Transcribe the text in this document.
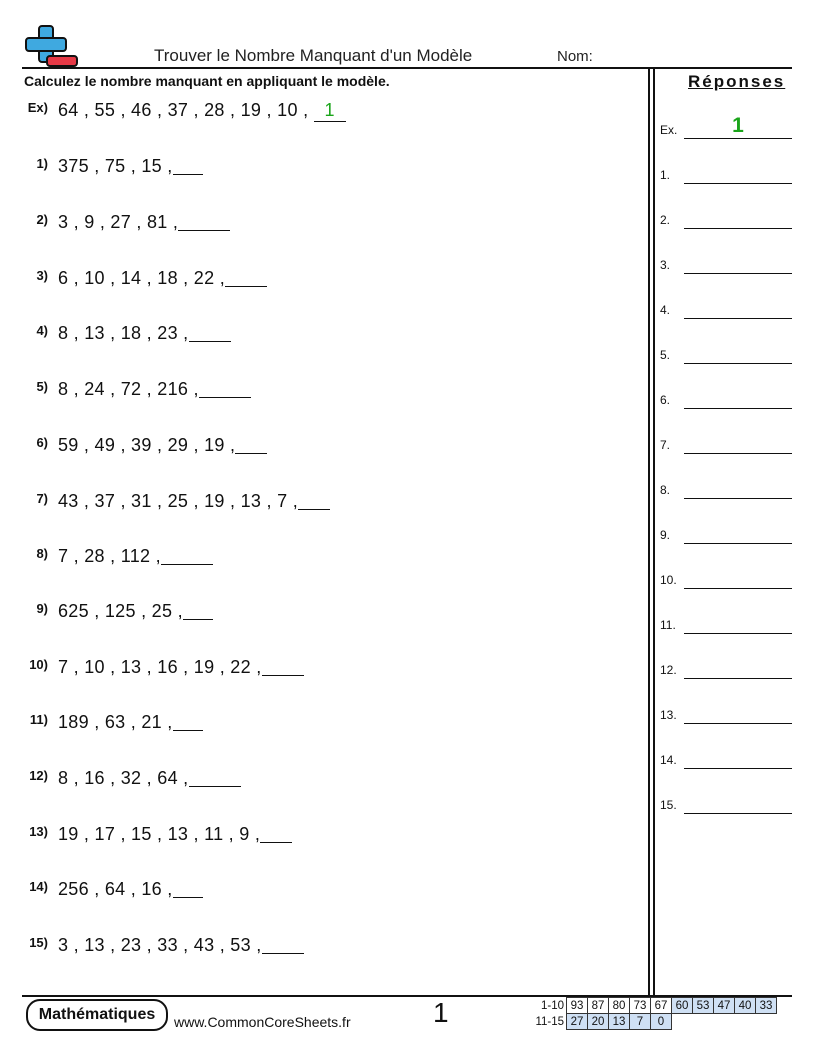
Trouver le Nombre Manquant d'un Modèle	Nom:
Calculez le nombre manquant en appliquant le modèle.
Ex) 64 , 55 , 46 , 37 , 28 , 19 , 10 , 1
1) 375 , 75 , 15 ,
2) 3 , 9 , 27 , 81 ,
3) 6 , 10 , 14 , 18 , 22 ,
4) 8 , 13 , 18 , 23 ,
5) 8 , 24 , 72 , 216 ,
6) 59 , 49 , 39 , 29 , 19 ,
7) 43 , 37 , 31 , 25 , 19 , 13 , 7 ,
8) 7 , 28 , 112 ,
9) 625 , 125 , 25 ,
10) 7 , 10 , 13 , 16 , 19 , 22 ,
11) 189 , 63 , 21 ,
12) 8 , 16 , 32 , 64 ,
13) 19 , 17 , 15 , 13 , 11 , 9 ,
14) 256 , 64 , 16 ,
15) 3 , 13 , 23 , 33 , 43 , 53 ,
Réponses
Ex.	1
1.
2.
3.
4.
5.
6.
7.
8.
9.
10.
11.
12.
13.
14.
15.
Mathématiques	www.CommonCoreSheets.fr	1	1-10	93	87	80	73	67	60	53	47	40	33
11-15	27	20	13	7	0					
